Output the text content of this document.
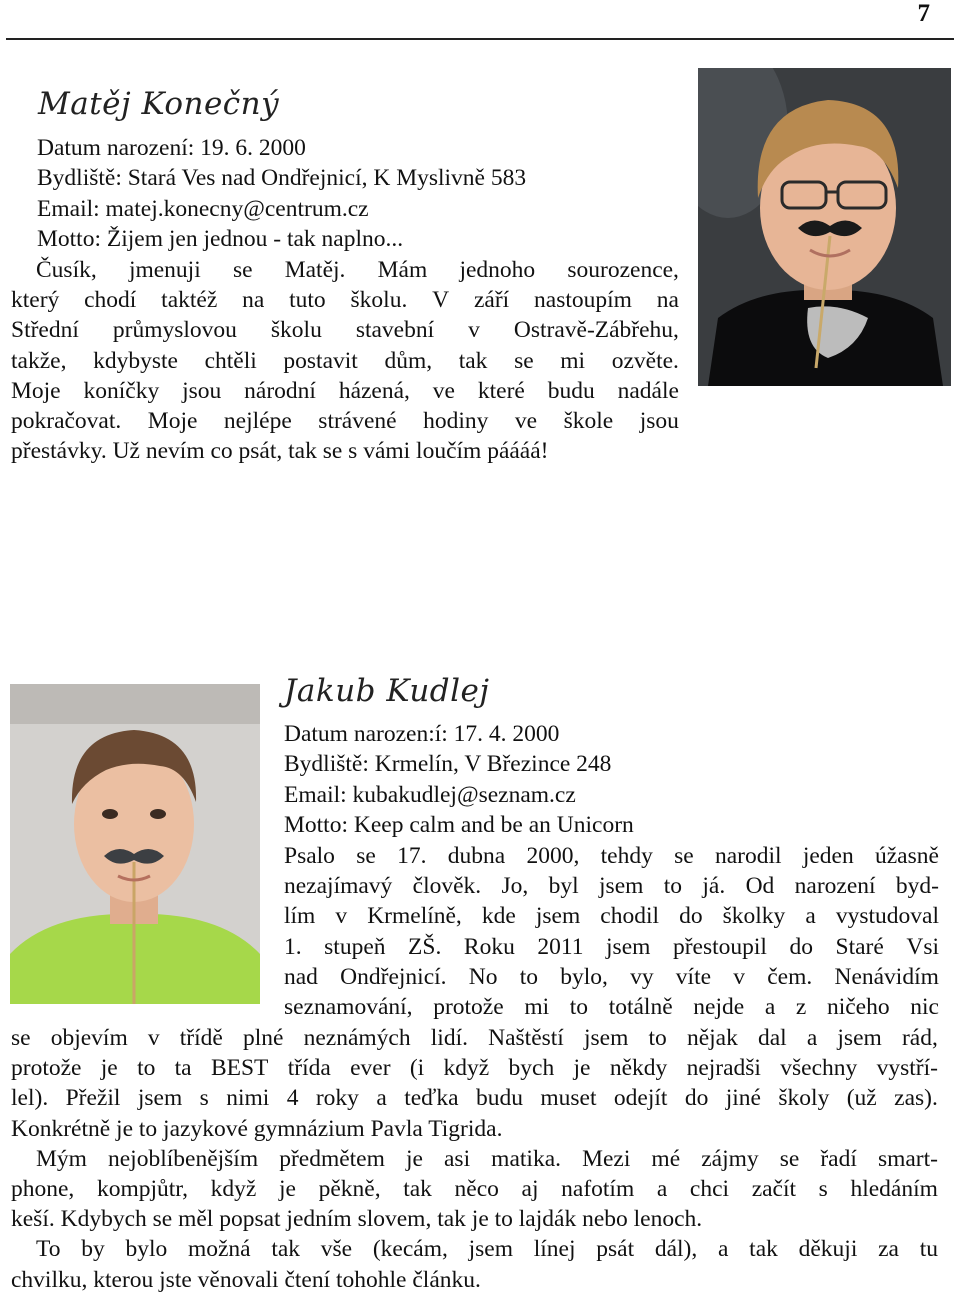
7
Matěj Konečný
Datum narození: 19. 6. 2000
Bydliště: Stará Ves nad Ondřejnicí, K Myslivně 583
Email: matej.konecny@centrum.cz
Motto: Žijem jen jednou - tak naplno...
Čusík, jmenuji se Matěj. Mám jednoho sourozence,
který chodí taktéž na tuto školu. V září nastoupím na
Střední průmyslovou školu stavební v Ostravě-Zábřehu,
takže, kdybyste chtěli postavit dům, tak se mi ozvěte.
Moje koníčky jsou národní házená, ve které budu nadále
pokračovat. Moje nejlépe strávené hodiny ve škole jsou
přestávky. Už nevím co psát, tak se s vámi loučím páááá!
Jakub Kudlej
Datum narozen:í: 17. 4. 2000
Bydliště: Krmelín, V Březince 248
Email: kubakudlej@seznam.cz
Motto: Keep calm and be an Unicorn
Psalo se 17. dubna 2000, tehdy se narodil jeden úžasně
nezajímavý člověk. Jo, byl jsem to já. Od narození byd-
lím v Krmelíně, kde jsem chodil do školky a vystudoval
1. stupeň ZŠ. Roku 2011 jsem přestoupil do Staré Vsi
nad Ondřejnicí. No to bylo, vy víte v čem. Nenávidím
seznamování, protože mi to totálně nejde a z ničeho nic
se objevím v třídě plné neznámých lidí. Naštěstí jsem to nějak dal a jsem rád,
protože je to ta BEST třída ever (i když bych je někdy nejradši všechny vystří-
lel). Přežil jsem s nimi 4 roky a teďka budu muset odejít do jiné školy (už zas).
Konkrétně je to jazykové gymnázium Pavla Tigrida.
Mým nejoblíbenějším předmětem je asi matika. Mezi mé zájmy se řadí smart-
phone, kompjůtr, když je pěkně, tak něco aj nafotím a chci začít s hledáním
keší. Kdybych se měl popsat jedním slovem, tak je to lajdák nebo lenoch.
To by bylo možná tak vše (kecám, jsem línej psát dál), a tak děkuji za tu
chvilku, kterou jste věnovali čtení tohohle článku.
